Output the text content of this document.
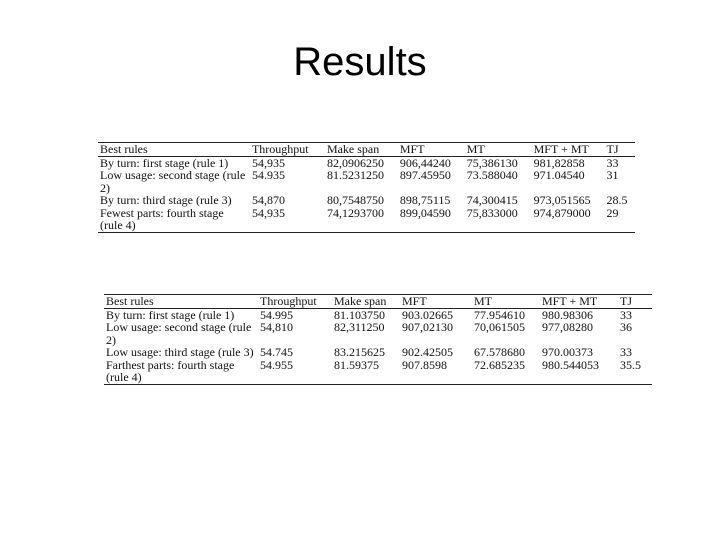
Results
Best rules	Throughput	Make span	MFT	MT	MFT + MT	TJ
By turn: first stage (rule 1)	54,935	82,0906250	906,44240	75,386130	981,82858	33
Low usage: second stage (rule 2)	54.935	81.5231250	897.45950	73.588040	971.04540	31
By turn: third stage (rule 3)	54,870	80,7548750	898,75115	74,300415	973,051565	28.5
Fewest parts: fourth stage (rule 4)	54,935	74,1293700	899,04590	75,833000	974,879000	29
Best rules	Throughput	Make span	MFT	MT	MFT + MT	TJ
By turn: first stage (rule 1)	54.995	81.103750	903.02665	77.954610	980.98306	33
Low usage: second stage (rule 2)	54,810	82,311250	907,02130	70,061505	977,08280	36
Low usage: third stage (rule 3)	54.745	83.215625	902.42505	67.578680	970.00373	33
Farthest parts: fourth stage (rule 4)	54.955	81.59375	907.8598	72.685235	980.544053	35.5
